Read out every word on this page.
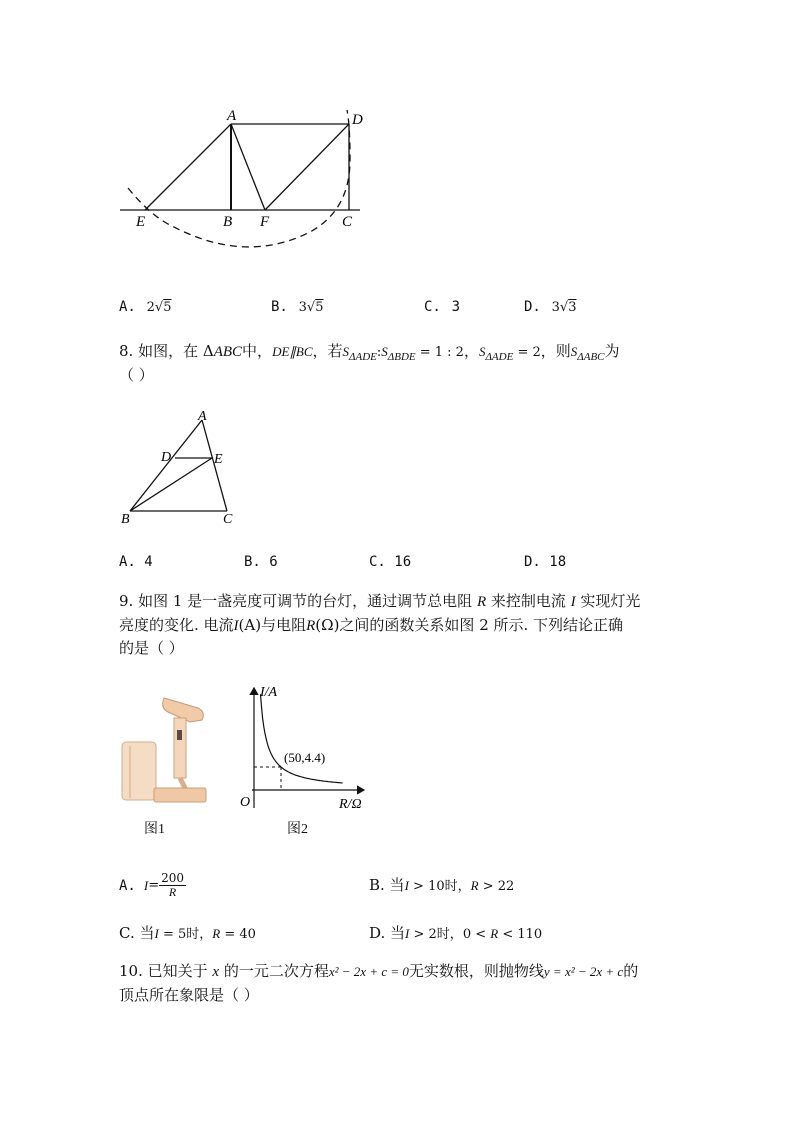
A	D
E	B F	C
A. 2√5	B. 3√5	C. 3	D. 3√3
8. 如图，在 ΔABC中，DE∥BC，若$S_{\Delta ADE}:S_{\Delta BDE} = 1$ : 2，$S_{\Delta ADE} = 2$，则$S_{\Delta ABC}$为
（ ）
A
D	E
B	C
A. 4	B. 6	C. 16	D. 18
9. 如图 1 是一盏亮度可调节的台灯，通过调节总电阻 R 来控制电流 I 实现灯光
亮度的变化. 电流I(A)与电阻R(Ω)之间的函数关系如图 2 所示. 下列结论正确
的是（ ）
图1
I/A
R/Ω
O
(50,4.4)
图2
A. $I = \frac{200}{R}$	B. 当I > 10时，R > 22
C. 当I = 5时，R = 40	D. 当I > 2时，0 < R < 110
10. 已知关于 x 的一元二次方程x² − 2x + c = 0无实数根，则抛物线y = x² − 2x + c的
顶点所在象限是（ ）
